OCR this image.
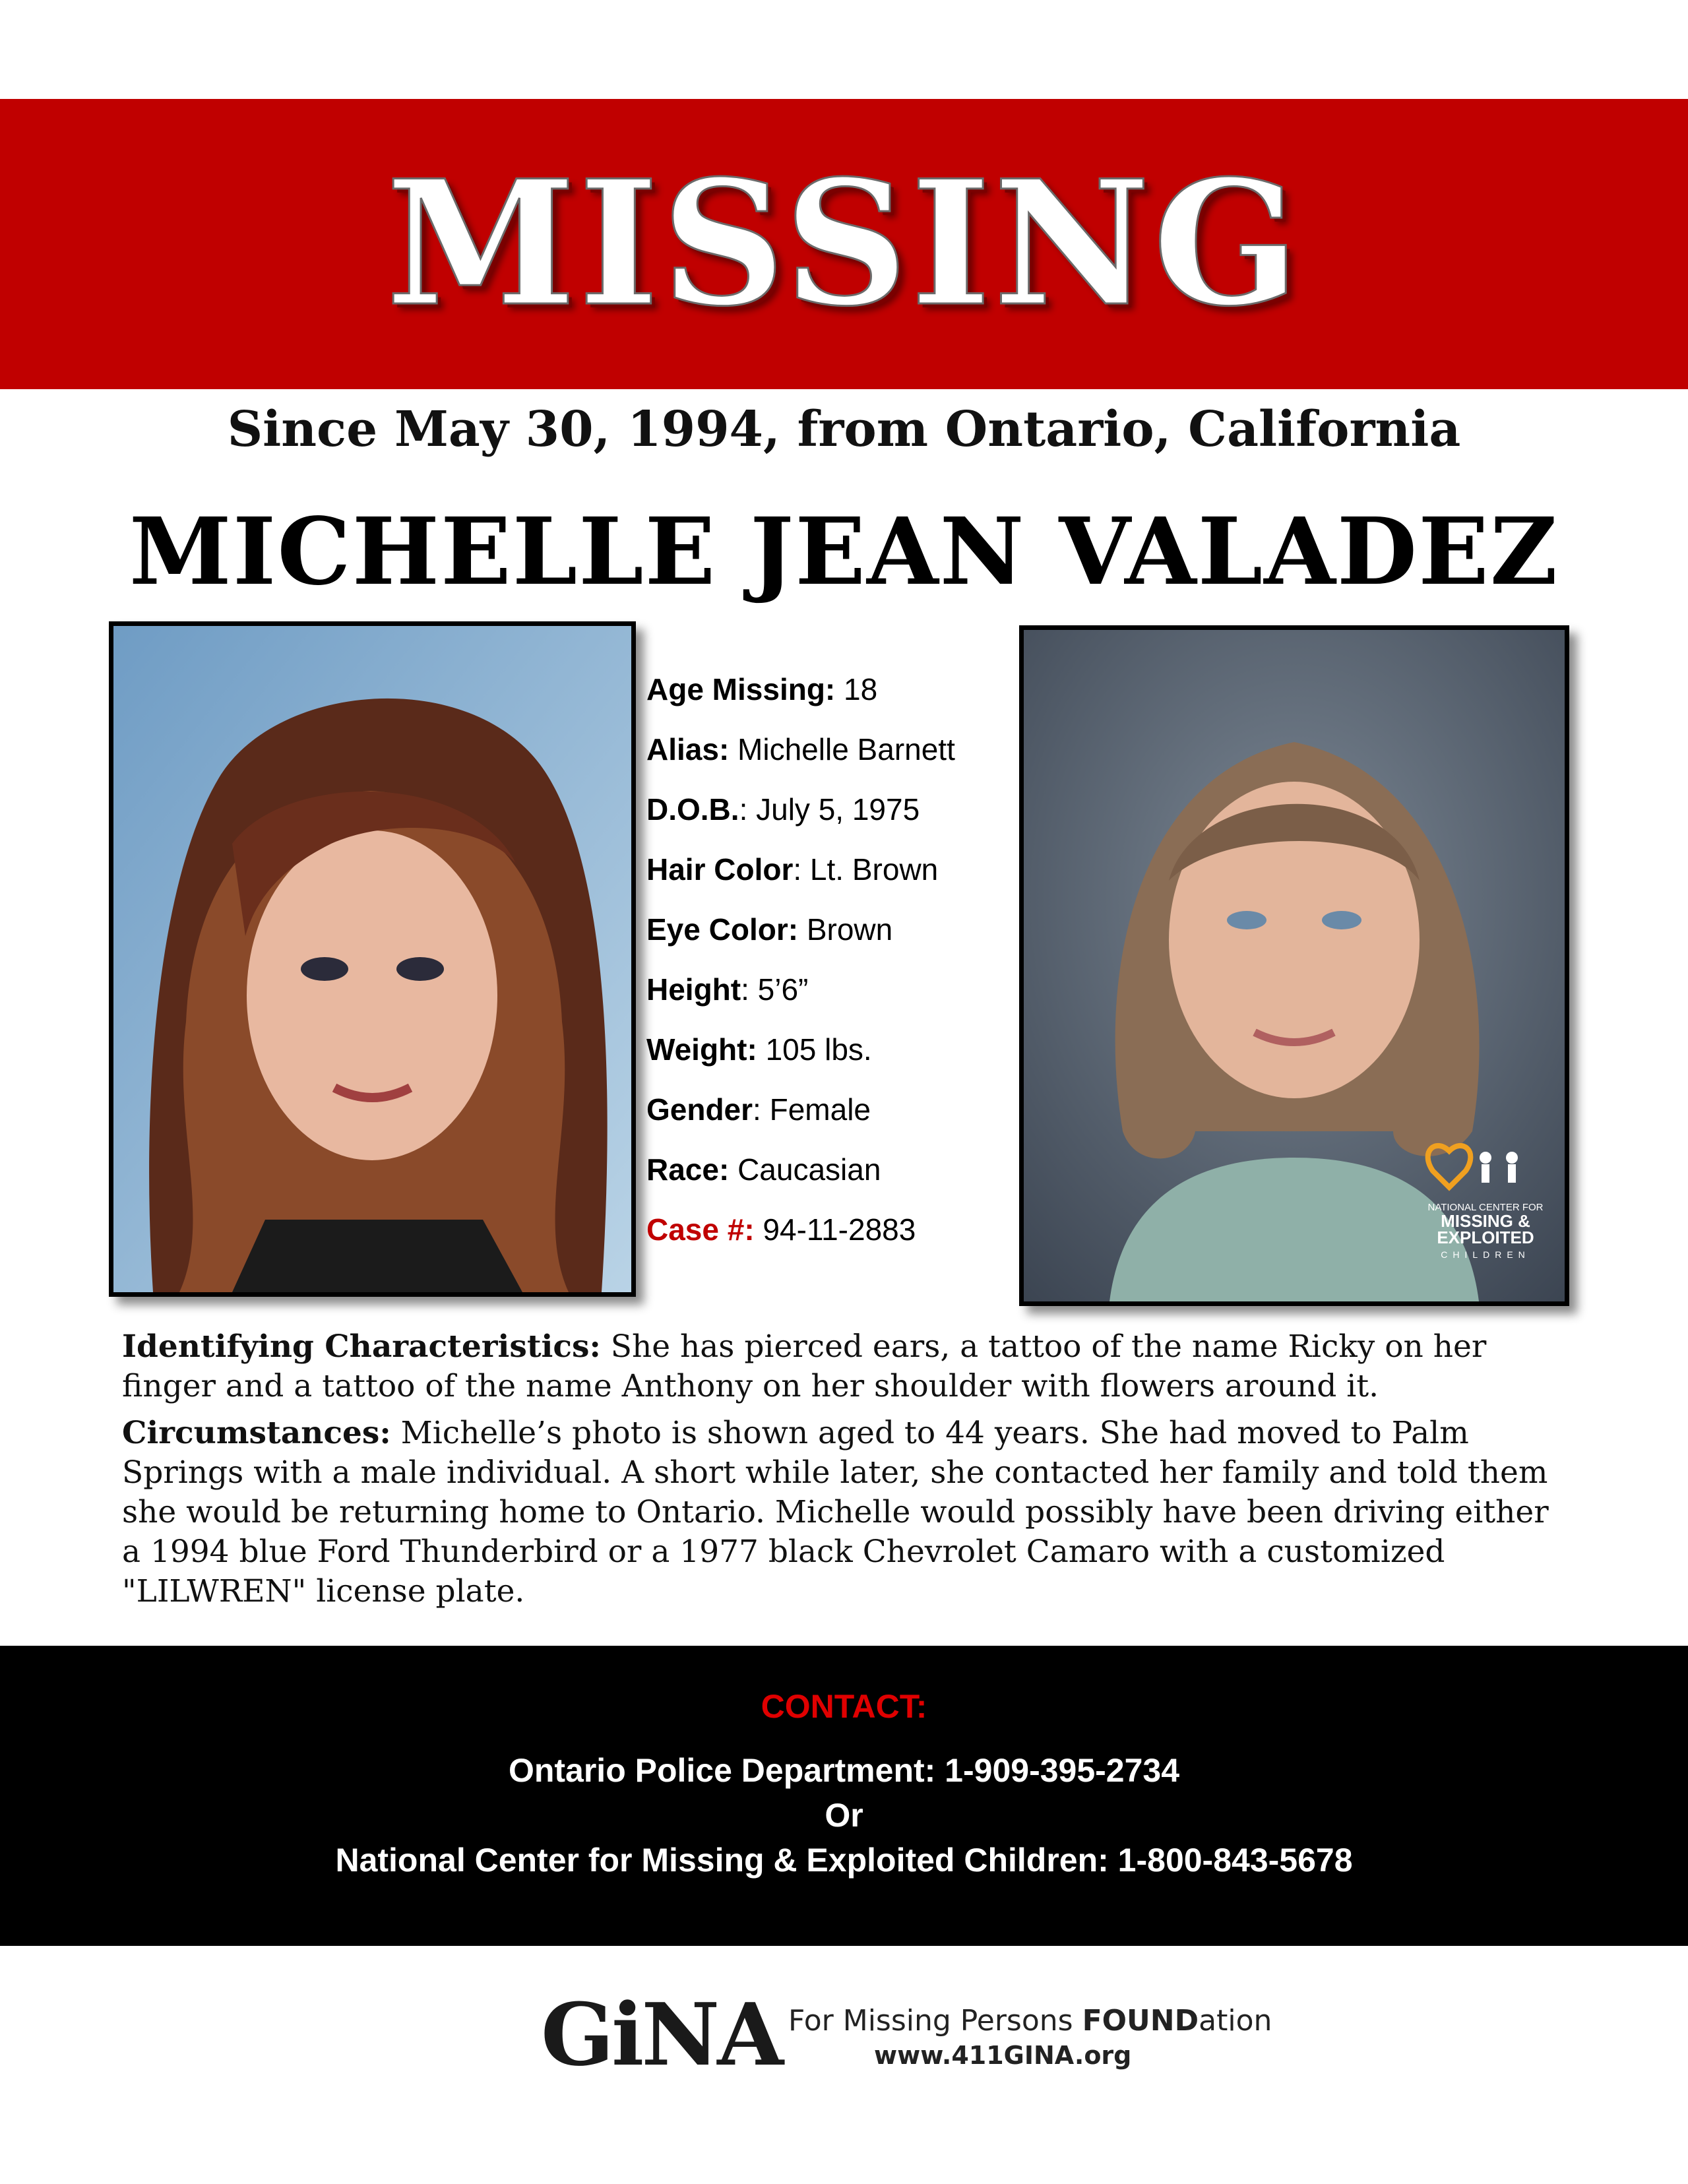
MISSING
Since May 30, 1994, from Ontario, California
MICHELLE JEAN VALADEZ
Age Missing: 18
Alias: Michelle Barnett
D.O.B.: July 5, 1975
Hair Color: Lt. Brown
Eye Color: Brown
Height: 5’6”
Weight: 105 lbs.
Gender: Female
Race: Caucasian
Case #: 94-11-2883
NATIONAL CENTER FOR
MISSING &
EXPLOITED
CHILDREN
Identifying Characteristics: She has pierced ears, a tattoo of the name Ricky on her finger and a tattoo of the name Anthony on her shoulder with flowers around it.
Circumstances: Michelle’s photo is shown aged to 44 years. She had moved to Palm Springs with a male individual. A short while later, she contacted her family and told them she would be returning home to Ontario. Michelle would possibly have been driving either a 1994 blue Ford Thunderbird or a 1977 black Chevrolet Camaro with a customized "LILWREN" license plate.
CONTACT:
Ontario Police Department: 1-909-395-2734
Or
National Center for Missing & Exploited Children: 1-800-843-5678
GiNA For Missing Persons FOUNDation
www.411GINA.org
